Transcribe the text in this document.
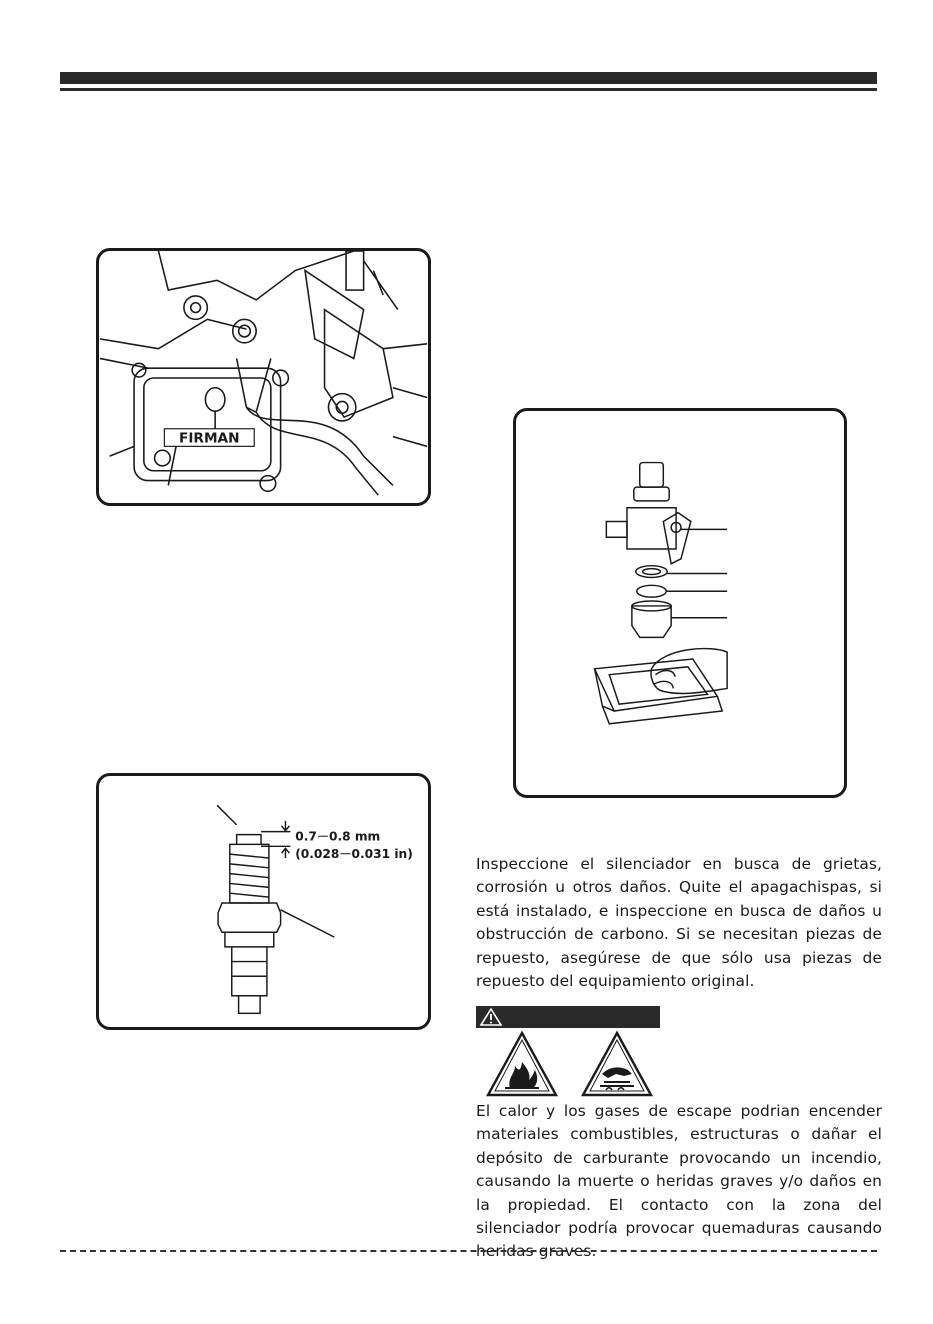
FIRMAN
0.7－0.8 mm
(0.028－0.031 in)
Inspeccione el silenciador en busca de grietas, corrosión u otros daños. Quite el apagachispas, si está instalado, e inspeccione en busca de daños u obstrucción de carbono. Si se necesitan piezas de repuesto, asegúrese de que sólo usa piezas de repuesto del equipamiento original.
El calor y los gases de escape podrian encender materiales combustibles, estructuras o dañar el depósito de carburante provocando un incendio, causando la muerte o heridas graves y/o daños en la propiedad. El contacto con la zona del silenciador podría provocar quemaduras causando heridas graves.
